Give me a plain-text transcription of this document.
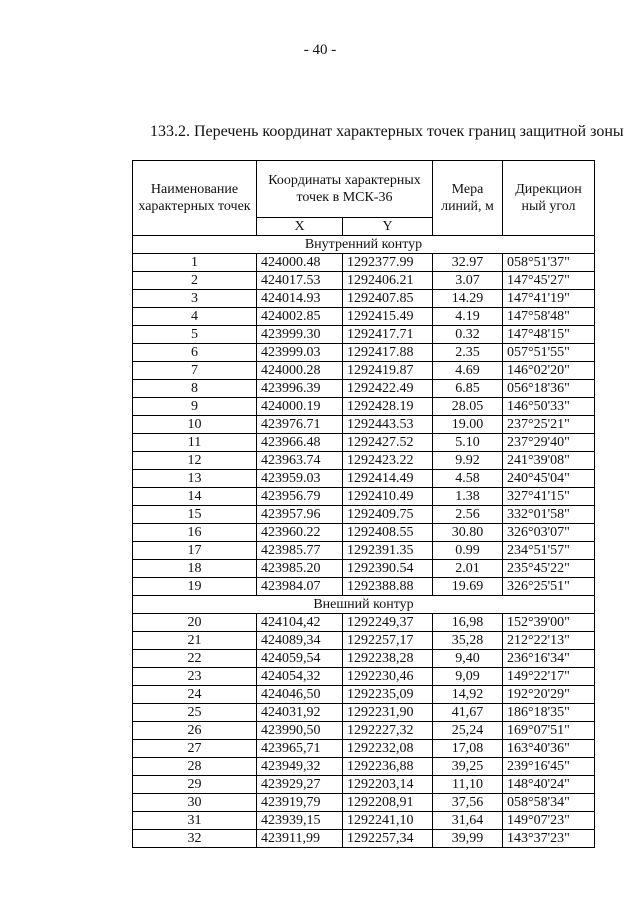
- 40 -
133.2. Перечень координат характерных точек границ защитной зоны
Наименование характерных точек	Координаты характерных точек в МСК-36		Мера линий, м	Дирекцион ный угол
	X	Y		
Внутренний контур				
1	424000.48	1292377.99	32.97	058°51'37"
2	424017.53	1292406.21	3.07	147°45'27"
3	424014.93	1292407.85	14.29	147°41'19"
4	424002.85	1292415.49	4.19	147°58'48"
5	423999.30	1292417.71	0.32	147°48'15"
6	423999.03	1292417.88	2.35	057°51'55"
7	424000.28	1292419.87	4.69	146°02'20"
8	423996.39	1292422.49	6.85	056°18'36"
9	424000.19	1292428.19	28.05	146°50'33"
10	423976.71	1292443.53	19.00	237°25'21"
11	423966.48	1292427.52	5.10	237°29'40"
12	423963.74	1292423.22	9.92	241°39'08"
13	423959.03	1292414.49	4.58	240°45'04"
14	423956.79	1292410.49	1.38	327°41'15"
15	423957.96	1292409.75	2.56	332°01'58"
16	423960.22	1292408.55	30.80	326°03'07"
17	423985.77	1292391.35	0.99	234°51'57"
18	423985.20	1292390.54	2.01	235°45'22"
19	423984.07	1292388.88	19.69	326°25'51"
Внешний контур				
20	424104,42	1292249,37	16,98	152°39'00"
21	424089,34	1292257,17	35,28	212°22'13"
22	424059,54	1292238,28	9,40	236°16'34"
23	424054,32	1292230,46	9,09	149°22'17"
24	424046,50	1292235,09	14,92	192°20'29"
25	424031,92	1292231,90	41,67	186°18'35"
26	423990,50	1292227,32	25,24	169°07'51"
27	423965,71	1292232,08	17,08	163°40'36"
28	423949,32	1292236,88	39,25	239°16'45"
29	423929,27	1292203,14	11,10	148°40'24"
30	423919,79	1292208,91	37,56	058°58'34"
31	423939,15	1292241,10	31,64	149°07'23"
32	423911,99	1292257,34	39,99	143°37'23"
